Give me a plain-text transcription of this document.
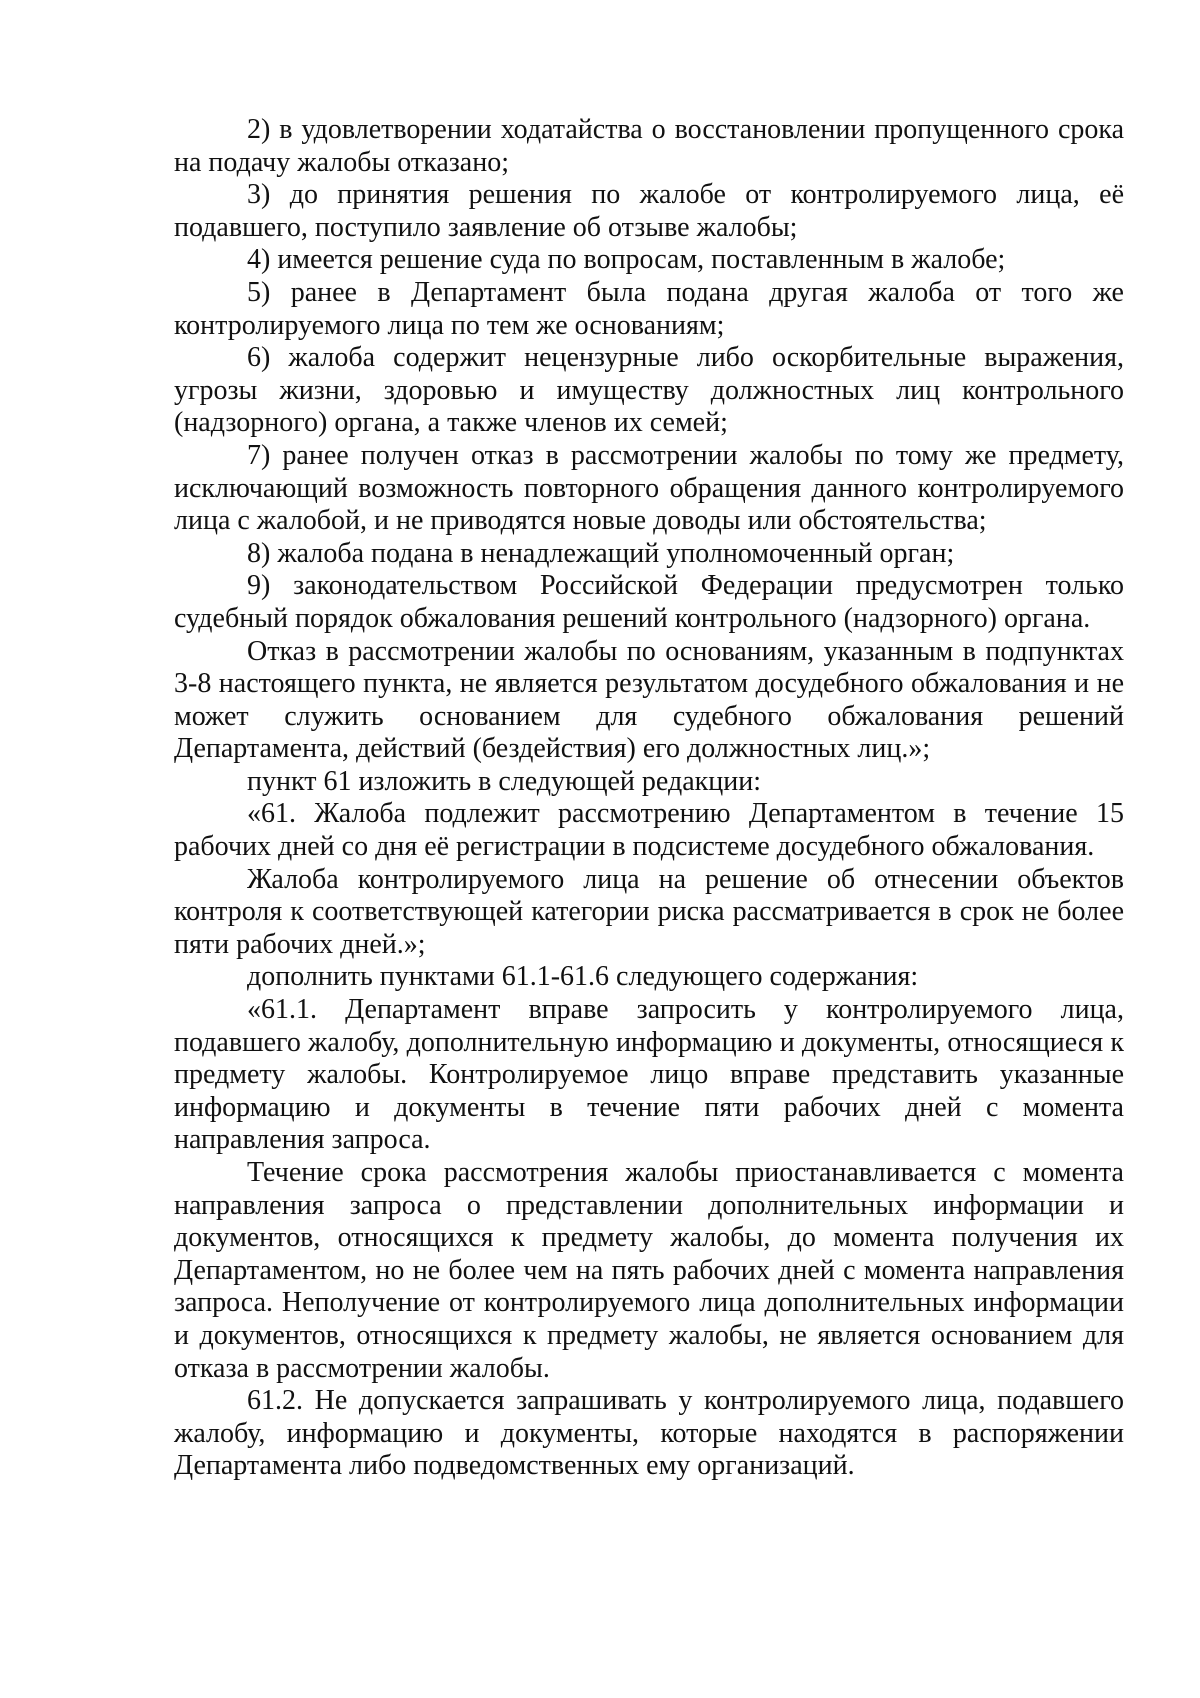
2) в удовлетворении ходатайства о восстановлении пропущенного срока на подачу жалобы отказано;

3) до принятия решения по жалобе от контролируемого лица, её подавшего, поступило заявление об отзыве жалобы;

4) имеется решение суда по вопросам, поставленным в жалобе;

5) ранее в Департамент была подана другая жалоба от того же контролируемого лица по тем же основаниям;

6) жалоба содержит нецензурные либо оскорбительные выражения, угрозы жизни, здоровью и имуществу должностных лиц контрольного (надзорного) органа, а также членов их семей;

7) ранее получен отказ в рассмотрении жалобы по тому же предмету, исключающий возможность повторного обращения данного контролируемого лица с жалобой, и не приводятся новые доводы или обстоятельства;

8) жалоба подана в ненадлежащий уполномоченный орган;

9) законодательством Российской Федерации предусмотрен только судебный порядок обжалования решений контрольного (надзорного) органа.

Отказ в рассмотрении жалобы по основаниям, указанным в подпунктах 3-8 настоящего пункта, не является результатом досудебного обжалования и не может служить основанием для судебного обжалования решений Департамента, действий (бездействия) его должностных лиц.»;

пункт 61 изложить в следующей редакции:

«61. Жалоба подлежит рассмотрению Департаментом в течение 15 рабочих дней со дня её регистрации в подсистеме досудебного обжалования.

Жалоба контролируемого лица на решение об отнесении объектов контроля к соответствующей категории риска рассматривается в срок не более пяти рабочих дней.»;

дополнить пунктами 61.1-61.6 следующего содержания:

«61.1. Департамент вправе запросить у контролируемого лица, подавшего жалобу, дополнительную информацию и документы, относящиеся к предмету жалобы. Контролируемое лицо вправе представить указанные информацию и документы в течение пяти рабочих дней с момента направления запроса.

Течение срока рассмотрения жалобы приостанавливается с момента направления запроса о представлении дополнительных информации и документов, относящихся к предмету жалобы, до момента получения их Департаментом, но не более чем на пять рабочих дней с момента направления запроса. Неполучение от контролируемого лица дополнительных информации и документов, относящихся к предмету жалобы, не является основанием для отказа в рассмотрении жалобы.

61.2. Не допускается запрашивать у контролируемого лица, подавшего жалобу, информацию и документы, которые находятся в распоряжении Департамента либо подведомственных ему организаций.
